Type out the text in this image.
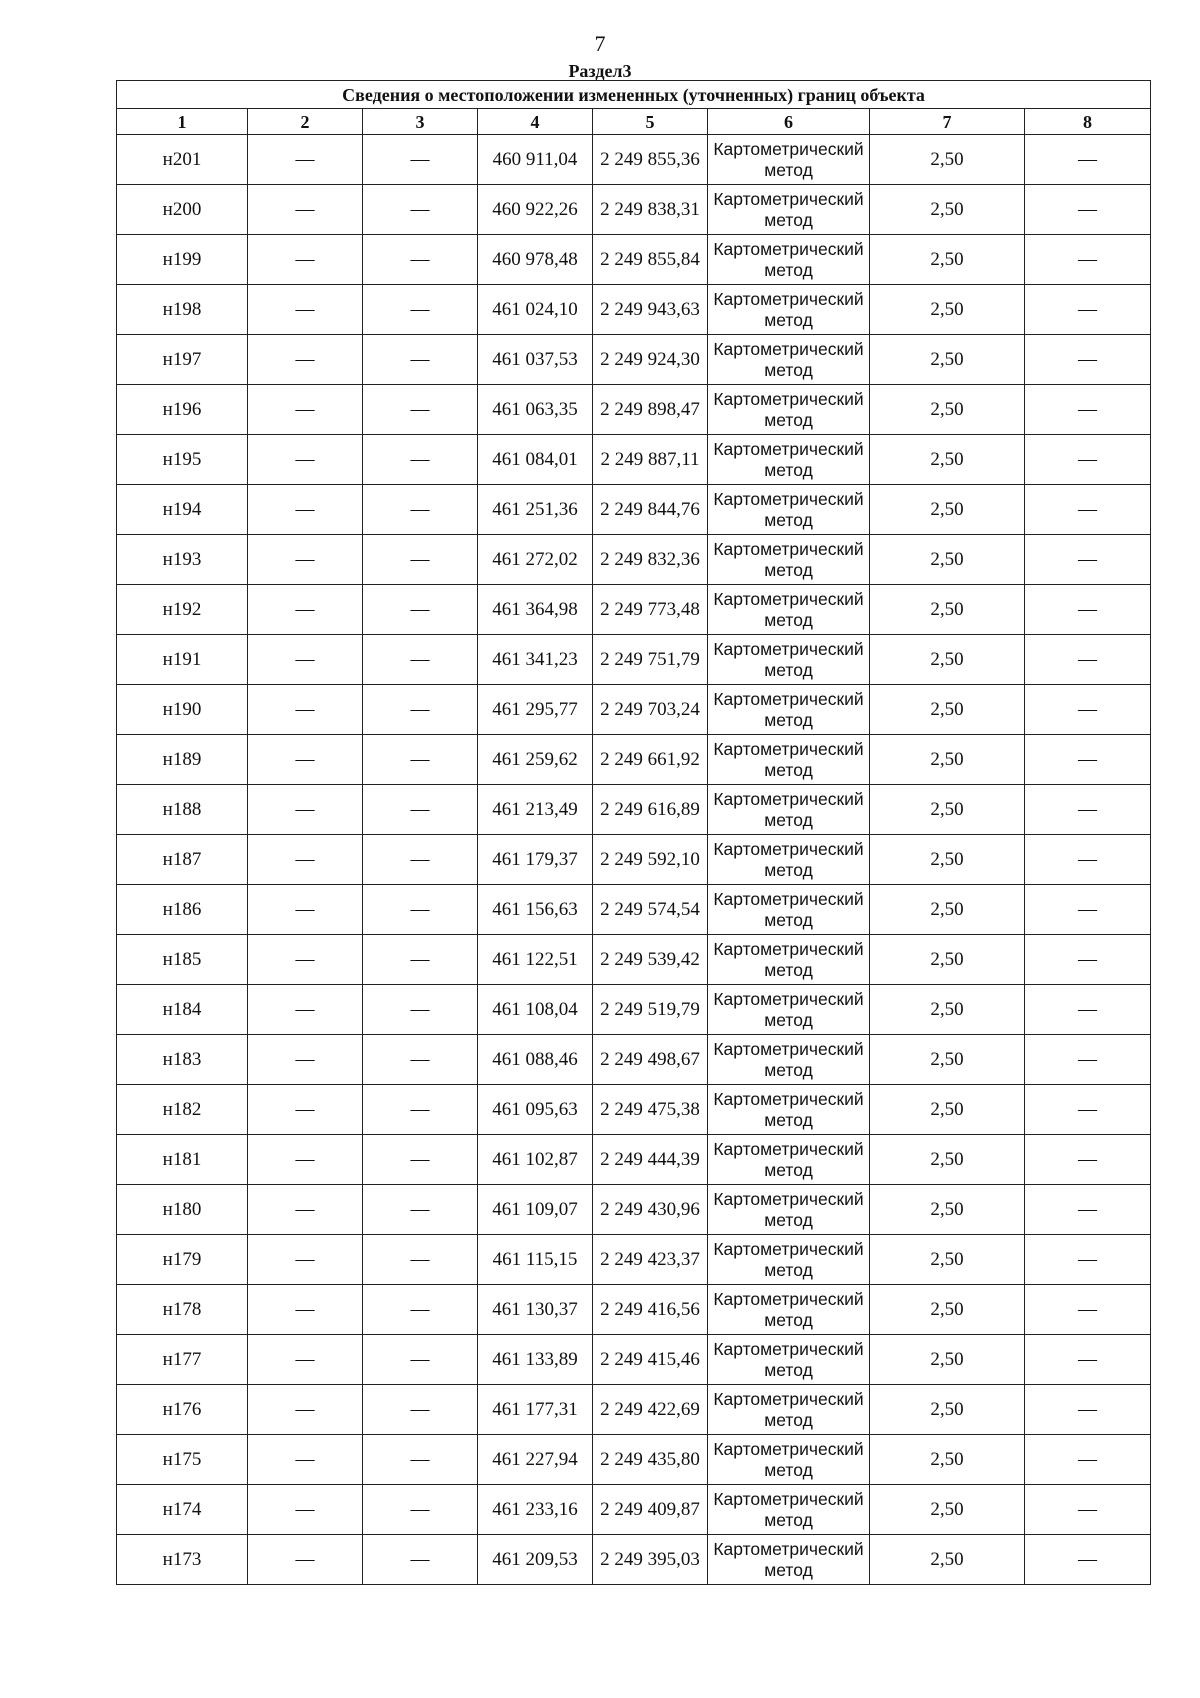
7
Раздел3
Сведения о местоположении измененных (уточненных) границ объекта							
1	2	3	4	5	6	7	8
н201	—	—	460 911,04	2 249 855,36	Картометрический метод	2,50	—
н200	—	—	460 922,26	2 249 838,31	Картометрический метод	2,50	—
н199	—	—	460 978,48	2 249 855,84	Картометрический метод	2,50	—
н198	—	—	461 024,10	2 249 943,63	Картометрический метод	2,50	—
н197	—	—	461 037,53	2 249 924,30	Картометрический метод	2,50	—
н196	—	—	461 063,35	2 249 898,47	Картометрический метод	2,50	—
н195	—	—	461 084,01	2 249 887,11	Картометрический метод	2,50	—
н194	—	—	461 251,36	2 249 844,76	Картометрический метод	2,50	—
н193	—	—	461 272,02	2 249 832,36	Картометрический метод	2,50	—
н192	—	—	461 364,98	2 249 773,48	Картометрический метод	2,50	—
н191	—	—	461 341,23	2 249 751,79	Картометрический метод	2,50	—
н190	—	—	461 295,77	2 249 703,24	Картометрический метод	2,50	—
н189	—	—	461 259,62	2 249 661,92	Картометрический метод	2,50	—
н188	—	—	461 213,49	2 249 616,89	Картометрический метод	2,50	—
н187	—	—	461 179,37	2 249 592,10	Картометрический метод	2,50	—
н186	—	—	461 156,63	2 249 574,54	Картометрический метод	2,50	—
н185	—	—	461 122,51	2 249 539,42	Картометрический метод	2,50	—
н184	—	—	461 108,04	2 249 519,79	Картометрический метод	2,50	—
н183	—	—	461 088,46	2 249 498,67	Картометрический метод	2,50	—
н182	—	—	461 095,63	2 249 475,38	Картометрический метод	2,50	—
н181	—	—	461 102,87	2 249 444,39	Картометрический метод	2,50	—
н180	—	—	461 109,07	2 249 430,96	Картометрический метод	2,50	—
н179	—	—	461 115,15	2 249 423,37	Картометрический метод	2,50	—
н178	—	—	461 130,37	2 249 416,56	Картометрический метод	2,50	—
н177	—	—	461 133,89	2 249 415,46	Картометрический метод	2,50	—
н176	—	—	461 177,31	2 249 422,69	Картометрический метод	2,50	—
н175	—	—	461 227,94	2 249 435,80	Картометрический метод	2,50	—
н174	—	—	461 233,16	2 249 409,87	Картометрический метод	2,50	—
н173	—	—	461 209,53	2 249 395,03	Картометрический метод	2,50	—
